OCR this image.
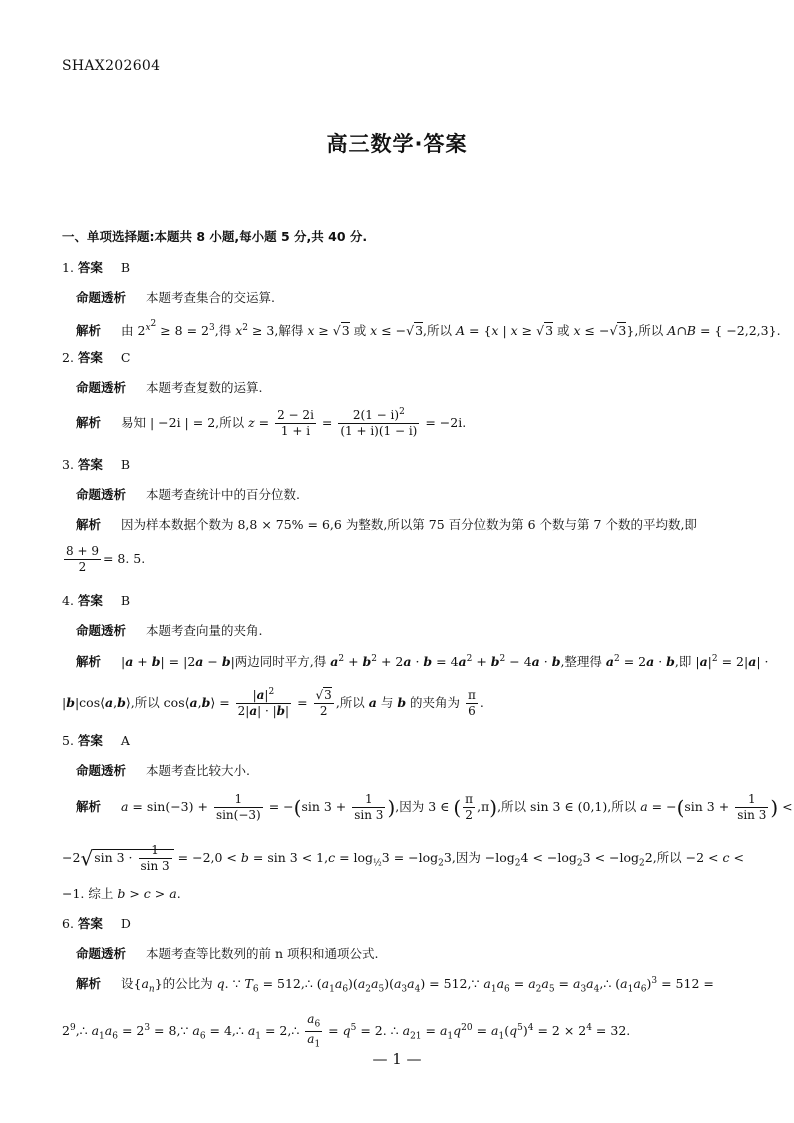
SHAX202604
高三数学·答案
一、单项选择题:本题共 8 小题,每小题 5 分,共 40 分.
1. 答案 B
命题透析 本题考查集合的交运算.
解析 由 $2^{x^2} \ge 8 = 2^3$,得 $x^2 \ge 3$,解得 x ≥ √3 或 x ≤ −√3,所以 A = {x | x ≥ √3 或 x ≤ −√3},所以 A∩B = { −2,2,3}.
2. 答案 C
命题透析 本题考查复数的运算.
解析 易知 | −2i | = 2,所以 $z = \frac{2 - 2i}{1 + i} = \frac{2(1 - i)^2}{(1 + i)(1 - i)} = -2i$.
3. 答案 B
命题透析 本题考查统计中的百分位数.
解析 因为样本数据个数为 8,8 × 75% = 6,6 为整数,所以第 75 百分位数为第 6 个数与第 7 个数的平均数,即
$\frac{8 + 9}{2} = 8$. 5.
4. 答案 B
命题透析 本题考查向量的夹角.
解析 |a + b| = |2a − b|两边同时平方,得 $a^2 + b^2 + 2a \cdot b = 4a^2 + b^2 - 4a \cdot b$,整理得 $a^2 = 2a \cdot b$,即 $|a|^2 = 2|a|$ ·
|b|cos⟨a,b⟩,所以 cos⟨a,b⟩ = $\frac{|a|^2}{2|a| \cdot |b|} = \frac{√3}{2}$ ,所以 a 与 b 的夹角为 $\frac{\pi}{6}$ .
5. 答案 A
命题透析 本题考查比较大小.
解析 $a = \sin(-3) + \frac{1}{\sin(-3)} = -(\sin$ $3 + \frac{1}{\sin 3}$ ),因为 3 ∈ ( $\frac{\pi}{2} ,\pi$),所以 sin 3 ∈ (0,1),所以 a = −(sin $3 + \frac{1}{\sin 3}$ ) <
−2√sin $3 \cdot \frac{1}{\sin 3} = -2,0 < b = \sin 3 < 1,c = \log_{\frac{1}{2}}3 = -\log_23$,因为 $-\log_24 < -\log_23 < -\log_22$,所以 −2 < c <
−1. 综上 b > c > a.
6. 答案 D
命题透析 本题考查等比数列的前 n 项积和通项公式.
解析 设$\{a_n\}$的公比为 q. ∵ $T_6$ = 512,∴ $(a_1a_6)(a_2a_5)(a_3a_4)$ = 512,∵ $a_1a_6 = a_2a_5$ = $a_3a_4,\therefore$ $(a_1a_6)^3 = 512$ =
$2^9,\therefore$ $a_1a_6 = 2^3$ = 8,∵ $a_6$ = 4,∴ $a_1$ = 2,∴ $\frac{a_6}{a_1} = q^5 = 2$. ∴ $a_{21} = a_1q^{20} = a_1(q^5)^4 = 2 \times 2^4 = 32$.
— 1 —
